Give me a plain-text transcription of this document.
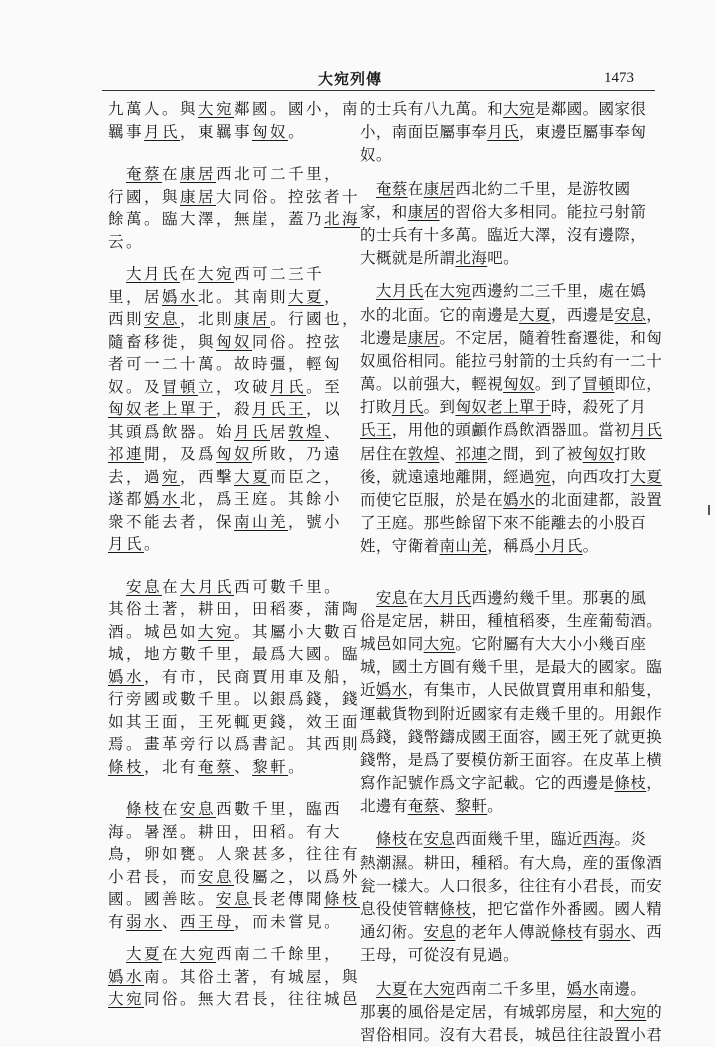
大宛列傳	1473
九萬人。與大宛鄰國。國小，南
羈事月氏，東羈事匈奴。
　奄蔡在康居西北可二千里，
行國，與康居大同俗。控弦者十
餘萬。臨大澤，無崖，蓋乃北海
云。
　大月氏在大宛西可二三千
里，居嬀水北。其南則大夏，
西則安息，北則康居。行國也，
隨畜移徙，與匈奴同俗。控弦
者可一二十萬。故時彊，輕匈
奴。及冒頓立，攻破月氏。至
匈奴老上單于，殺月氏王，以
其頭爲飲器。始月氏居敦煌、
祁連閒，及爲匈奴所敗，乃遠
去，過宛，西擊大夏而臣之，
遂都嬀水北，爲王庭。其餘小
衆不能去者，保南山羌，號小
月氏。
　安息在大月氏西可數千里。
其俗土著，耕田，田稻麥，蒲陶
酒。城邑如大宛。其屬小大數百
城，地方數千里，最爲大國。臨
嬀水，有市，民商賈用車及船，
行旁國或數千里。以銀爲錢，錢
如其王面，王死輒更錢，效王面
焉。畫革旁行以爲書記。其西則
條枝，北有奄蔡、黎軒。
　條枝在安息西數千里，臨西
海。暑溼。耕田，田稻。有大
鳥，卵如甕。人衆甚多，往往有
小君長，而安息役屬之，以爲外
國。國善眩。安息長老傳聞條枝
有弱水、西王母，而未嘗見。
　大夏在大宛西南二千餘里，
嬀水南。其俗土著，有城屋，與
大宛同俗。無大君長，往往城邑
的士兵有八九萬。和大宛是鄰國。國家很
小，南面臣屬事奉月氏，東邊臣屬事奉匈
奴。
　奄蔡在康居西北約二千里，是游牧國
家，和康居的習俗大多相同。能拉弓射箭
的士兵有十多萬。臨近大澤，沒有邊際，
大概就是所謂北海吧。
　大月氏在大宛西邊約二三千里，處在嬀
水的北面。它的南邊是大夏，西邊是安息，
北邊是康居。不定居，隨着牲畜遷徙，和匈
奴風俗相同。能拉弓射箭的士兵約有一二十
萬。以前强大，輕視匈奴。到了冒頓即位，
打敗月氏。到匈奴老上單于時，殺死了月
氏王，用他的頭顱作爲飲酒器皿。當初月氏
居住在敦煌、祁連之間，到了被匈奴打敗
後，就遠遠地離開，經過宛，向西攻打大夏
而使它臣服，於是在嬀水的北面建都，設置
了王庭。那些餘留下來不能離去的小股百
姓，守衛着南山羌，稱爲小月氏。
　安息在大月氏西邊約幾千里。那裏的風
俗是定居，耕田，種植稻麥，生産葡萄酒。
城邑如同大宛。它附屬有大大小小幾百座
城，國土方圓有幾千里，是最大的國家。臨
近嬀水，有集市，人民做買賣用車和船隻，
運載貨物到附近國家有走幾千里的。用銀作
爲錢，錢幣鑄成國王面容，國王死了就更换
錢幣，是爲了要模仿新王面容。在皮革上横
寫作記號作爲文字記載。它的西邊是條枝，
北邊有奄蔡、黎軒。
　條枝在安息西面幾千里，臨近西海。炎
熱潮濕。耕田，種稻。有大鳥，産的蛋像酒
瓮一樣大。人口很多，往往有小君長，而安
息役使管轄條枝，把它當作外番國。國人精
通幻術。安息的老年人傳説條枝有弱水、西
王母，可從沒有見過。
　大夏在大宛西南二千多里，嬀水南邊。
那裏的風俗是定居，有城郭房屋，和大宛的
習俗相同。沒有大君長，城邑往往設置小君
